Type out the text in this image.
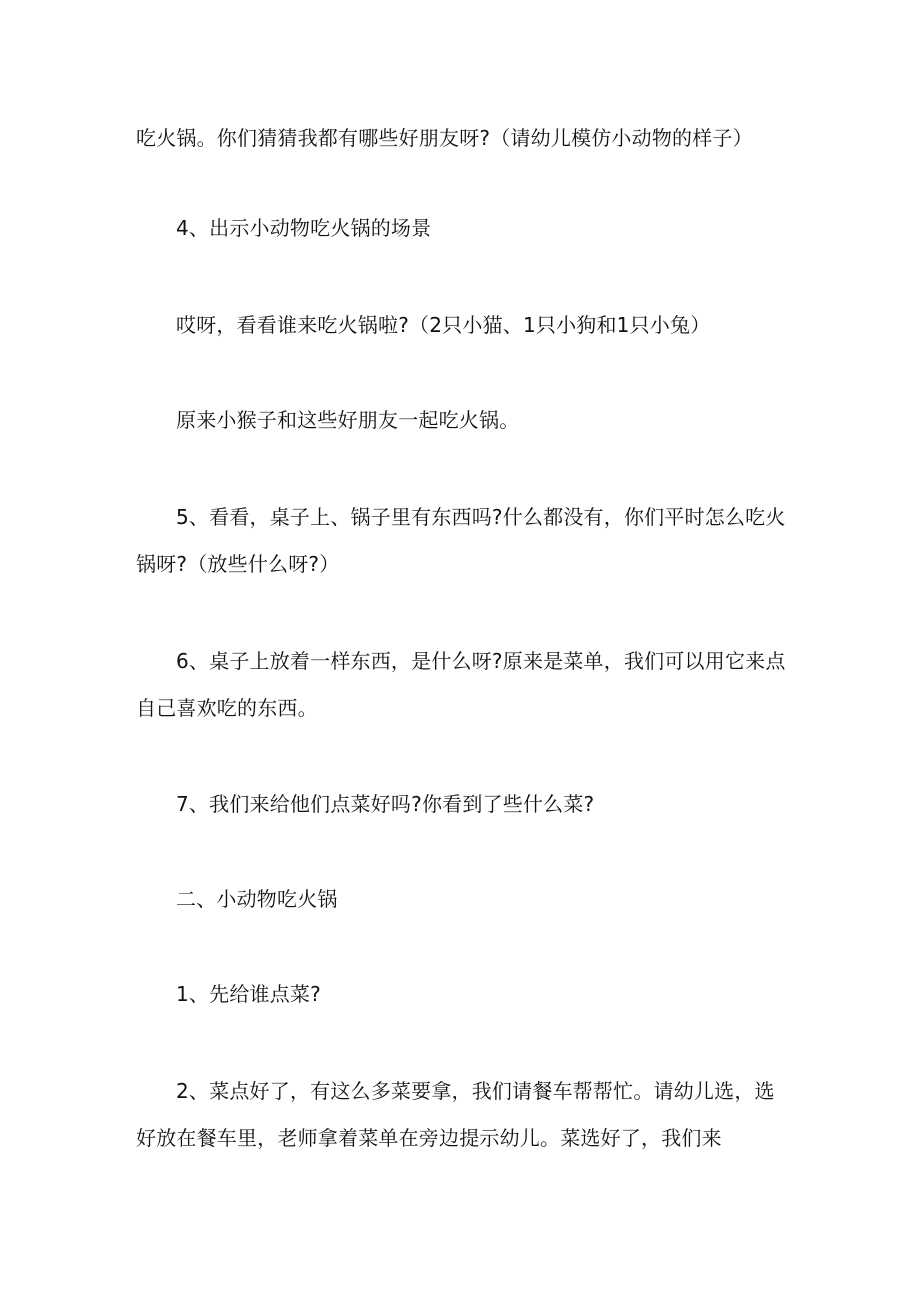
吃火锅。你们猜猜我都有哪些好朋友呀?（请幼儿模仿小动物的样子）
4、出示小动物吃火锅的场景
哎呀，看看谁来吃火锅啦?（2只小猫、1只小狗和1只小兔）
原来小猴子和这些好朋友一起吃火锅。
5、看看，桌子上、锅子里有东西吗?什么都没有，你们平时怎么吃火
锅呀?（放些什么呀?）
6、桌子上放着一样东西，是什么呀?原来是菜单，我们可以用它来点
自己喜欢吃的东西。
7、我们来给他们点菜好吗?你看到了些什么菜?
二、小动物吃火锅
1、先给谁点菜?
2、菜点好了，有这么多菜要拿，我们请餐车帮帮忙。请幼儿选，选
好放在餐车里，老师拿着菜单在旁边提示幼儿。菜选好了，我们来
